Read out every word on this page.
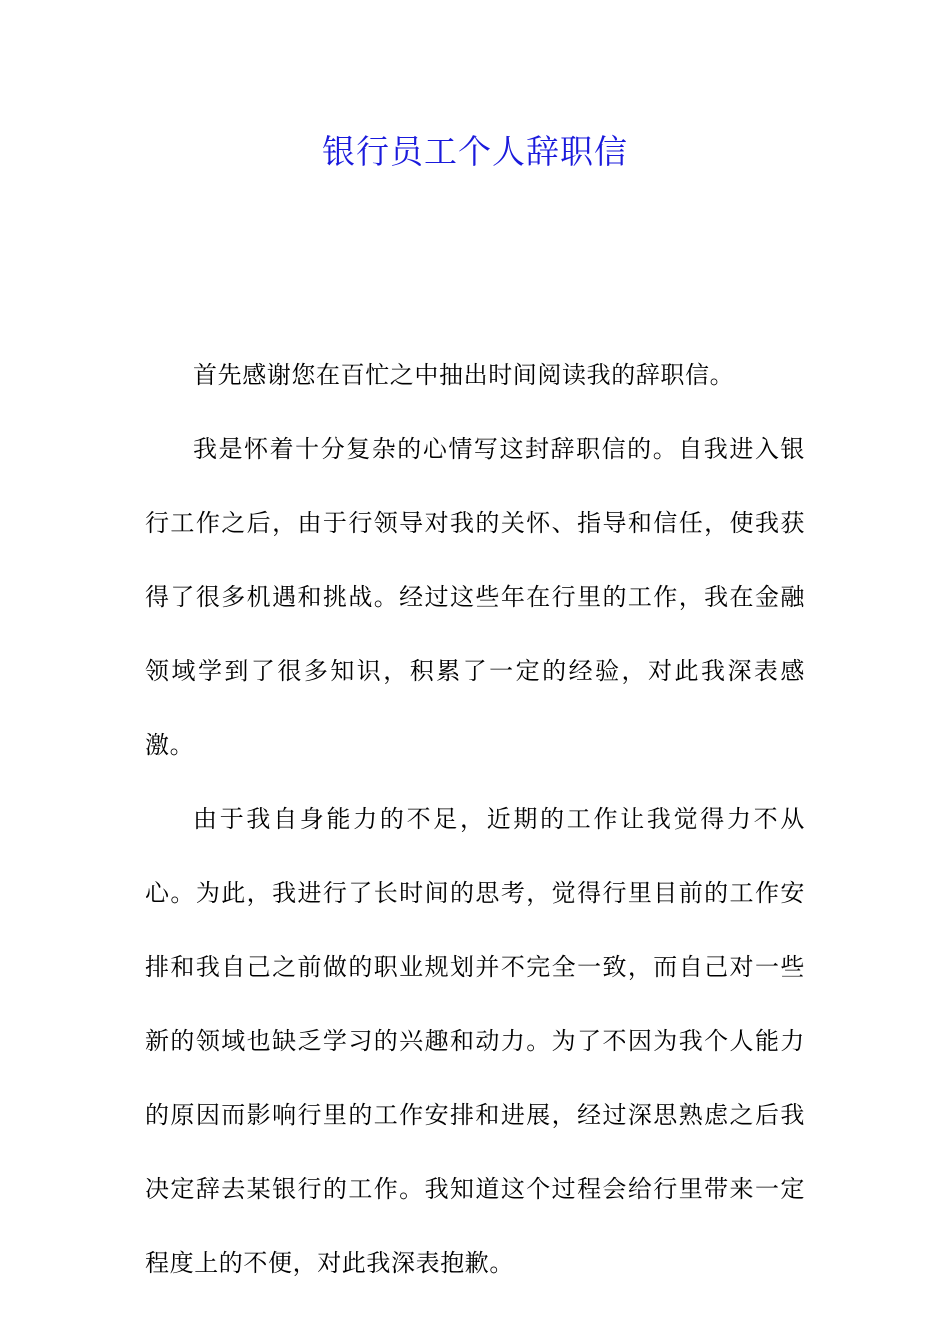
银行员工个人辞职信

首先感谢您在百忙之中抽出时间阅读我的辞职信。

我是怀着十分复杂的心情写这封辞职信的。自我进入银行工作之后，由于行领导对我的关怀、指导和信任，使我获得了很多机遇和挑战。经过这些年在行里的工作，我在金融领域学到了很多知识，积累了一定的经验，对此我深表感激。

由于我自身能力的不足，近期的工作让我觉得力不从心。为此，我进行了长时间的思考，觉得行里目前的工作安排和我自己之前做的职业规划并不完全一致，而自己对一些新的领域也缺乏学习的兴趣和动力。为了不因为我个人能力的原因而影响行里的工作安排和进展，经过深思熟虑之后我决定辞去某银行的工作。我知道这个过程会给行里带来一定程度上的不便，对此我深表抱歉。
